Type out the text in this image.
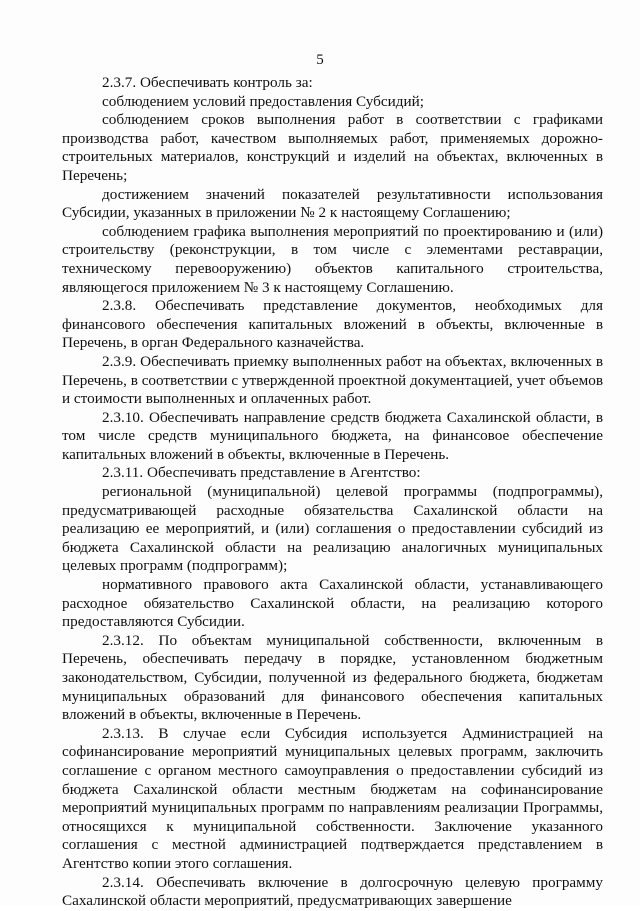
5

2.3.7. Обеспечивать контроль за:

соблюдением условий предоставления Субсидий;

соблюдением сроков выполнения работ в соответствии с графиками производства работ, качеством выполняемых работ, применяемых дорожно-строительных материалов, конструкций и изделий на объектах, включенных в Перечень;

достижением значений показателей результативности использования Субсидии, указанных в приложении № 2 к настоящему Соглашению;

соблюдением графика выполнения мероприятий по проектированию и (или) строительству (реконструкции, в том числе с элементами реставрации, техническому перевооружению) объектов капитального строительства, являющегося приложением № 3 к настоящему Соглашению.

2.3.8. Обеспечивать представление документов, необходимых для финансового обеспечения капитальных вложений в объекты, включенные в Перечень, в орган Федерального казначейства.

2.3.9. Обеспечивать приемку выполненных работ на объектах, включенных в Перечень, в соответствии с утвержденной проектной документацией, учет объемов и стоимости выполненных и оплаченных работ.

2.3.10. Обеспечивать направление средств бюджета Сахалинской области, в том числе средств муниципального бюджета, на финансовое обеспечение капитальных вложений в объекты, включенные в Перечень.

2.3.11. Обеспечивать представление в Агентство:

региональной (муниципальной) целевой программы (подпрограммы), предусматривающей расходные обязательства Сахалинской области на реализацию ее мероприятий, и (или) соглашения о предоставлении субсидий из бюджета Сахалинской области на реализацию аналогичных муниципальных целевых программ (подпрограмм);

нормативного правового акта Сахалинской области, устанавливающего расходное обязательство Сахалинской области, на реализацию которого предоставляются Субсидии.

2.3.12. По объектам муниципальной собственности, включенным в Перечень, обеспечивать передачу в порядке, установленном бюджетным законодательством, Субсидии, полученной из федерального бюджета, бюджетам муниципальных образований для финансового обеспечения капитальных вложений в объекты, включенные в Перечень.

2.3.13. В случае если Субсидия используется Администрацией на софинансирование мероприятий муниципальных целевых программ, заключить соглашение с органом местного самоуправления о предоставлении субсидий из бюджета Сахалинской области местным бюджетам на софинансирование мероприятий муниципальных программ по направлениям реализации Программы, относящихся к муниципальной собственности. Заключение указанного соглашения с местной администрацией подтверждается представлением в Агентство копии этого соглашения.

2.3.14. Обеспечивать включение в долгосрочную целевую программу Сахалинской области мероприятий, предусматривающих завершение
